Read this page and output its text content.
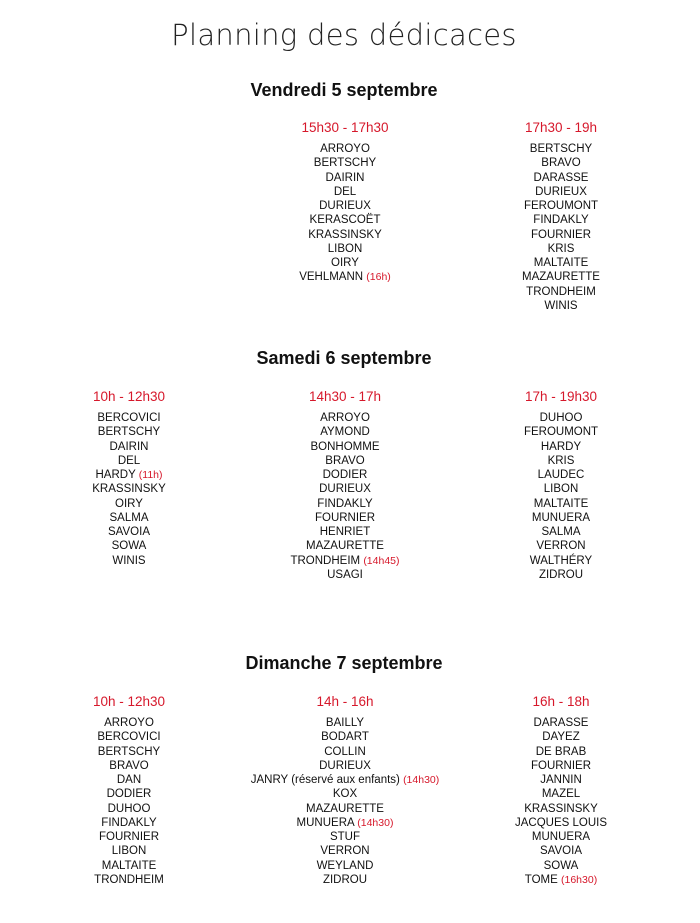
Planning des dédicaces
Vendredi 5 septembre
15h30 - 17h30
ARROYO
BERTSCHY
DAIRIN
DEL
DURIEUX
KERASCOËT
KRASSINSKY
LIBON
OIRY
VEHLMANN (16h)
17h30 - 19h
BERTSCHY
BRAVO
DARASSE
DURIEUX
FEROUMONT
FINDAKLY
FOURNIER
KRIS
MALTAITE
MAZAURETTE
TRONDHEIM
WINIS
Samedi 6 septembre
10h - 12h30
BERCOVICI
BERTSCHY
DAIRIN
DEL
HARDY (11h)
KRASSINSKY
OIRY
SALMA
SAVOIA
SOWA
WINIS
14h30 - 17h
ARROYO
AYMOND
BONHOMME
BRAVO
DODIER
DURIEUX
FINDAKLY
FOURNIER
HENRIET
MAZAURETTE
TRONDHEIM (14h45)
USAGI
17h - 19h30
DUHOO
FEROUMONT
HARDY
KRIS
LAUDEC
LIBON
MALTAITE
MUNUERA
SALMA
VERRON
WALTHÉRY
ZIDROU
Dimanche 7 septembre
10h - 12h30
ARROYO
BERCOVICI
BERTSCHY
BRAVO
DAN
DODIER
DUHOO
FINDAKLY
FOURNIER
LIBON
MALTAITE
TRONDHEIM
14h - 16h
BAILLY
BODART
COLLIN
DURIEUX
JANRY (réservé aux enfants) (14h30)
KOX
MAZAURETTE
MUNUERA (14h30)
STUF
VERRON
WEYLAND
ZIDROU
16h - 18h
DARASSE
DAYEZ
DE BRAB
FOURNIER
JANNIN
MAZEL
KRASSINSKY
JACQUES LOUIS
MUNUERA
SAVOIA
SOWA
TOME (16h30)
